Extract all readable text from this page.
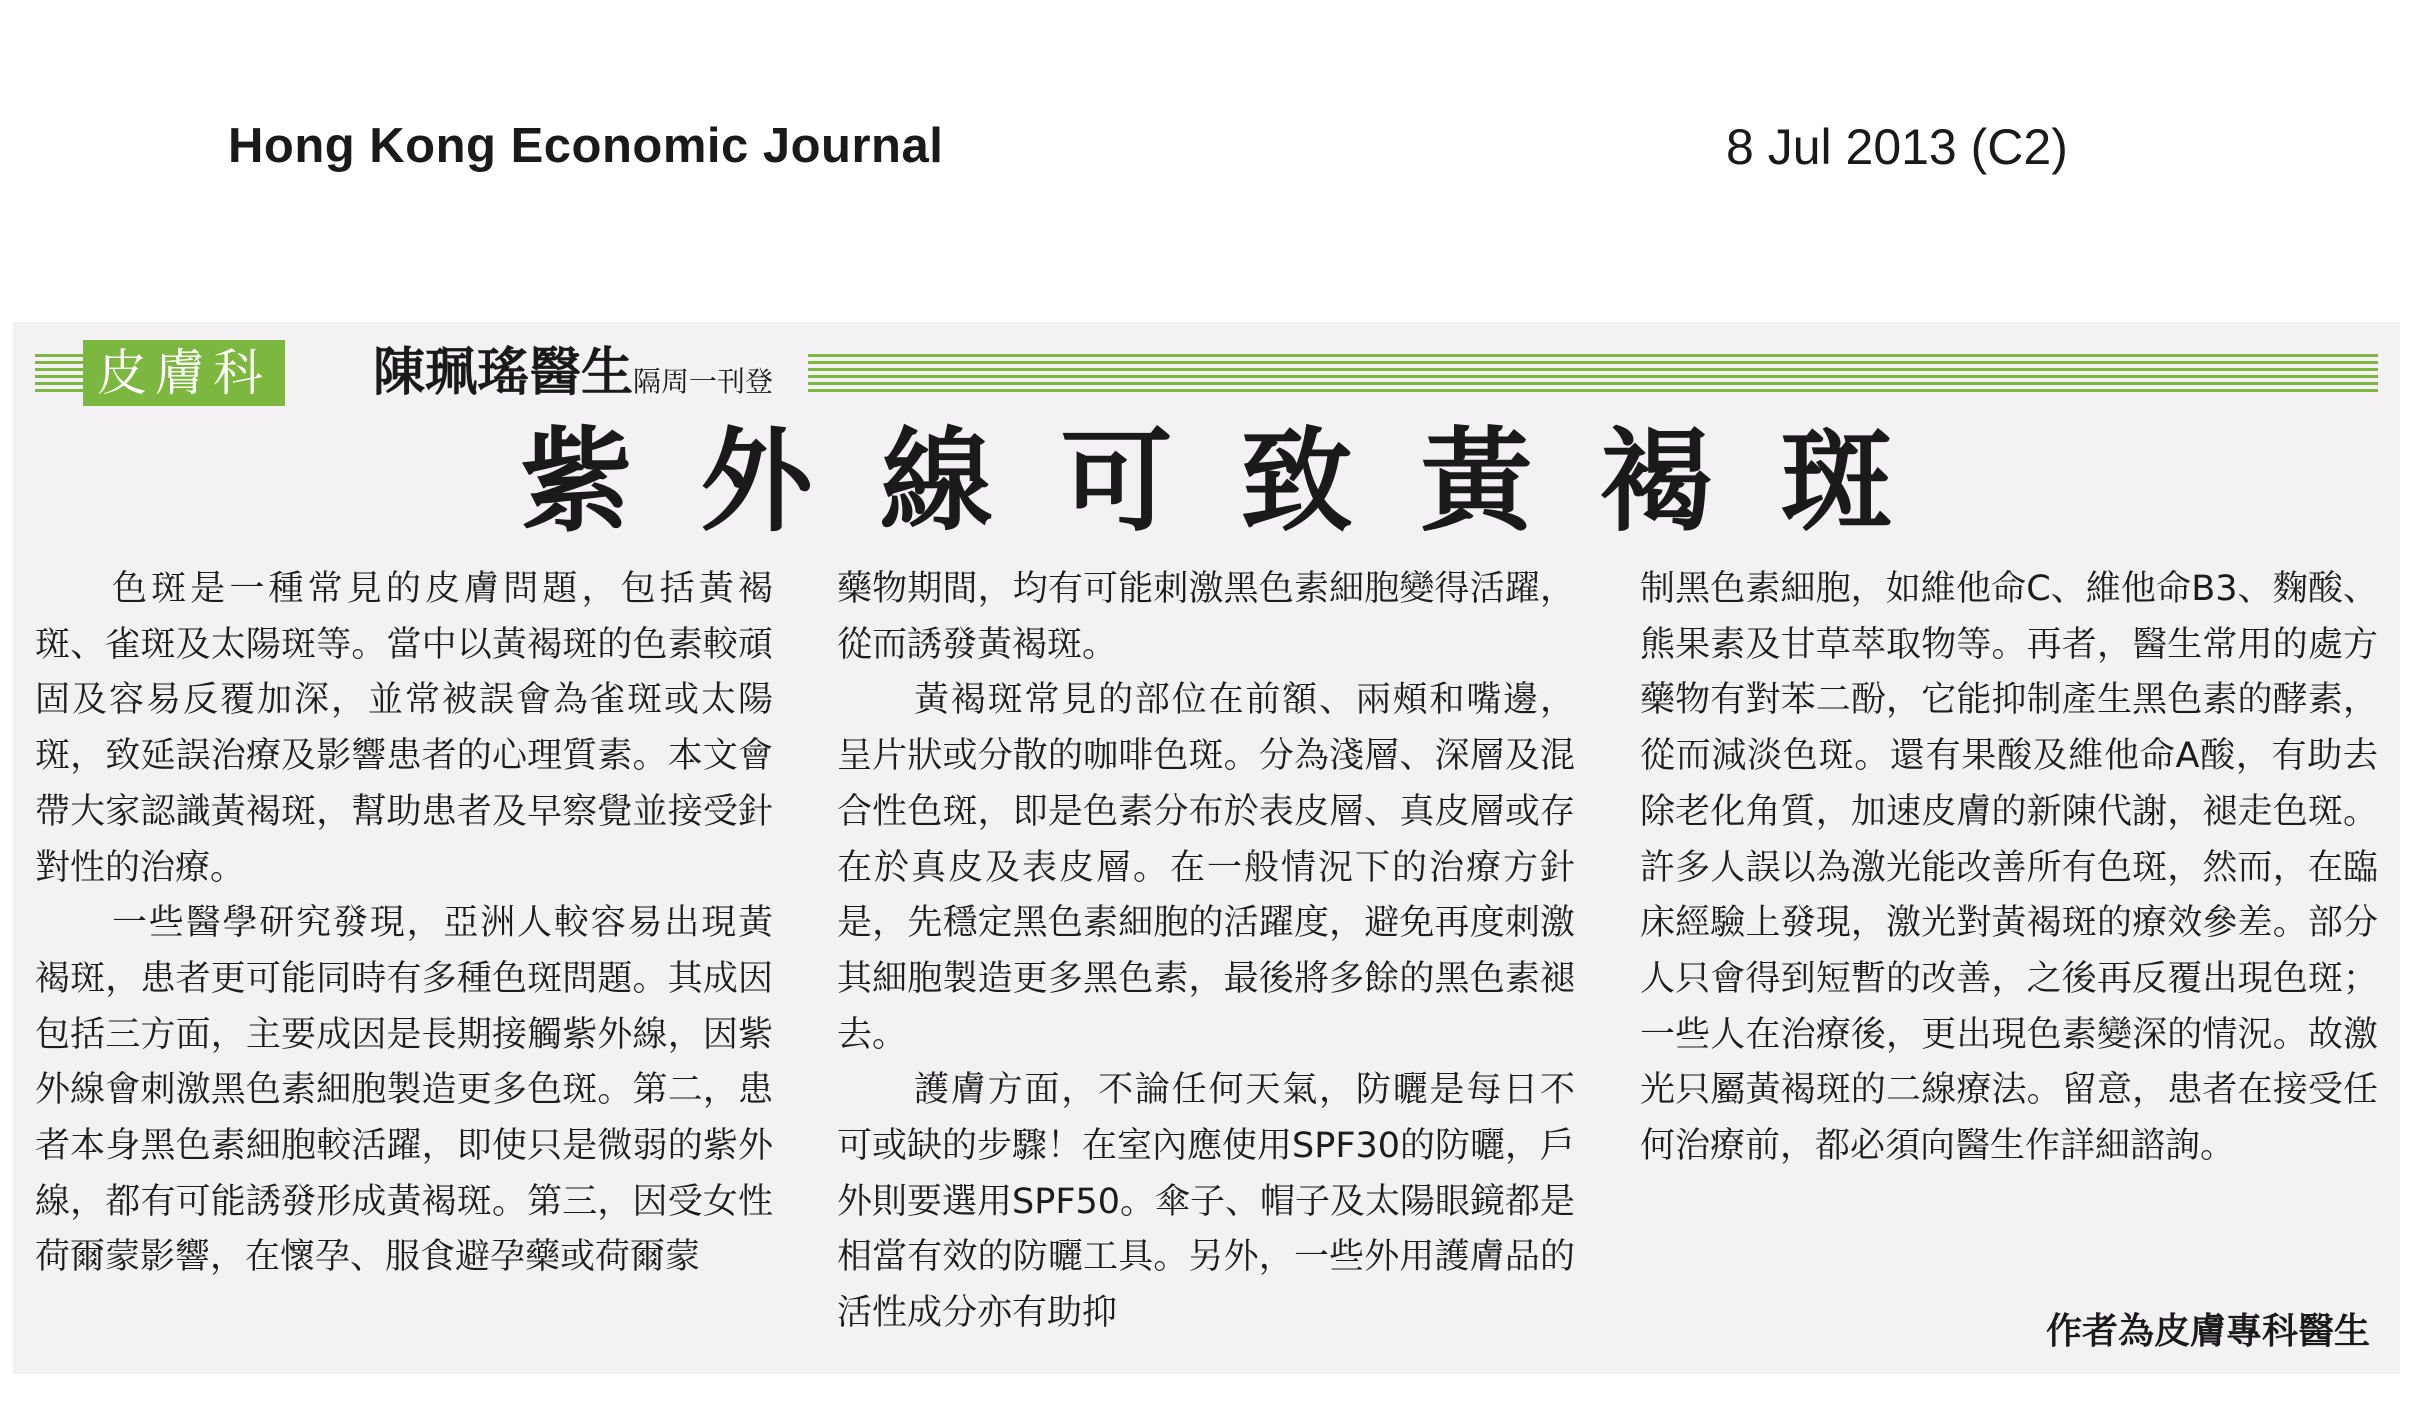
Hong Kong Economic Journal	8 Jul 2013 (C2)
皮膚科 陳珮瑤醫生 隔周一刊登
紫外線可致黃褐斑

色斑是一種常見的皮膚問題，包括黃褐斑、雀斑及太陽斑等。當中以黃褐斑的色素較頑固及容易反覆加深，並常被誤會為雀斑或太陽斑，致延誤治療及影響患者的心理質素。本文會帶大家認識黃褐斑，幫助患者及早察覺並接受針對性的治療。

一些醫學研究發現，亞洲人較容易出現黃褐斑，患者更可能同時有多種色斑問題。其成因包括三方面，主要成因是長期接觸紫外線，因紫外線會刺激黑色素細胞製造更多色斑。第二，患者本身黑色素細胞較活躍，即使只是微弱的紫外線，都有可能誘發形成黃褐斑。第三，因受女性荷爾蒙影響，在懷孕、服食避孕藥或荷爾蒙

藥物期間，均有可能刺激黑色素細胞變得活躍，從而誘發黃褐斑。

黃褐斑常見的部位在前額、兩頰和嘴邊，呈片狀或分散的咖啡色斑。分為淺層、深層及混合性色斑，即是色素分布於表皮層、真皮層或存在於真皮及表皮層。在一般情況下的治療方針是，先穩定黑色素細胞的活躍度，避免再度刺激其細胞製造更多黑色素，最後將多餘的黑色素褪去。

護膚方面，不論任何天氣，防曬是每日不可或缺的步驟！在室內應使用SPF30的防曬，戶外則要選用SPF50。傘子、帽子及太陽眼鏡都是相當有效的防曬工具。另外，一些外用護膚品的活性成分亦有助抑

制黑色素細胞，如維他命C、維他命B3、麴酸、熊果素及甘草萃取物等。再者，醫生常用的處方藥物有對苯二酚，它能抑制產生黑色素的酵素，從而減淡色斑。還有果酸及維他命A酸，有助去除老化角質，加速皮膚的新陳代謝，褪走色斑。許多人誤以為激光能改善所有色斑，然而，在臨床經驗上發現，激光對黃褐斑的療效參差。部分人只會得到短暫的改善，之後再反覆出現色斑；一些人在治療後，更出現色素變深的情況。故激光只屬黃褐斑的二線療法。留意，患者在接受任何治療前，都必須向醫生作詳細諮詢。

作者為皮膚專科醫生
